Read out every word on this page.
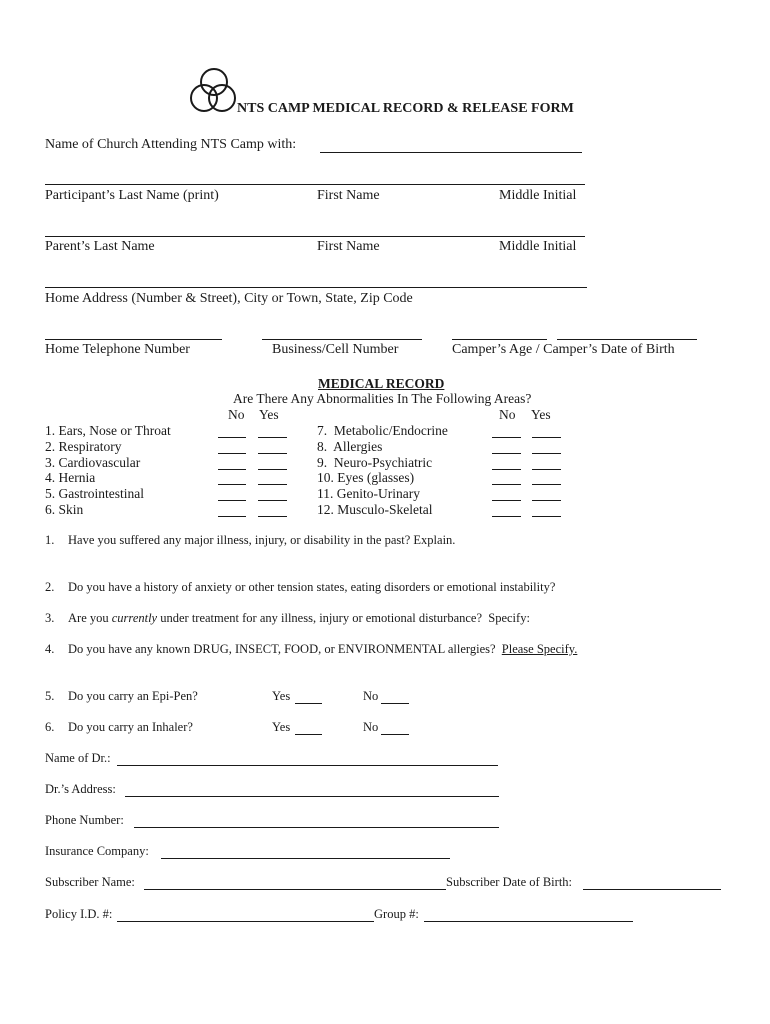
NTS CAMP MEDICAL RECORD & RELEASE FORM
Name of Church Attending NTS Camp with:
Participant’s Last Name (print)	First Name	Middle Initial
Parent’s Last Name	First Name	Middle Initial
Home Address (Number & Street), City or Town, State, Zip Code
Home Telephone Number	Business/Cell Number	Camper’s Age / Camper’s Date of Birth
MEDICAL RECORD
Are There Any Abnormalities In The Following Areas?
No Yes	No Yes
1. Ears, Nose or Throat
2. Respiratory
3. Cardiovascular
4. Hernia
5. Gastrointestinal
6. Skin
7.  Metabolic/Endocrine
8.  Allergies
9.  Neuro-Psychiatric
10. Eyes (glasses)
11. Genito-Urinary
12. Musculo-Skeletal
1. Have you suffered any major illness, injury, or disability in the past? Explain.
2. Do you have a history of anxiety or other tension states, eating disorders or emotional instability?
3. Are you currently under treatment for any illness, injury or emotional disturbance?  Specify:
4. Do you have any known DRUG, INSECT, FOOD, or ENVIRONMENTAL allergies?  Please Specify.
5. Do you carry an Epi-Pen?	Yes	No
6. Do you carry an Inhaler?	Yes	No
Name of Dr.:
Dr.’s Address:
Phone Number:
Insurance Company:
Subscriber Name:	Subscriber Date of Birth:
Policy I.D. #:	Group #:
